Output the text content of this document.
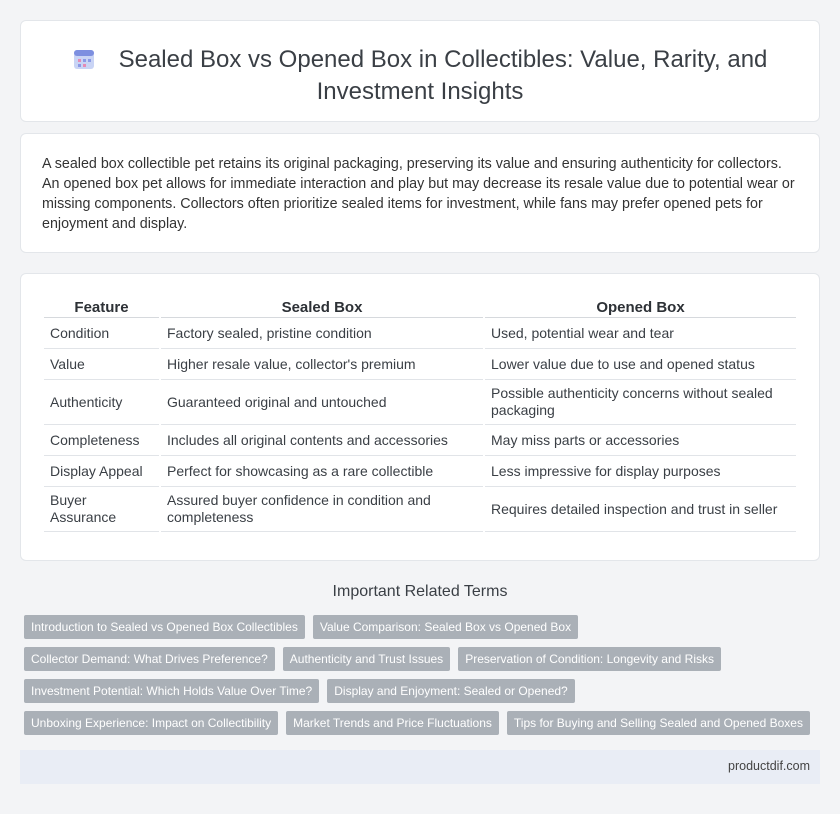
Sealed Box vs Opened Box in Collectibles: Value, Rarity, and
Investment Insights

A sealed box collectible pet retains its original packaging, preserving its value and ensuring authenticity for collectors. An opened box pet allows for immediate interaction and play but may decrease its resale value due to potential wear or missing components. Collectors often prioritize sealed items for investment, while fans may prefer opened pets for enjoyment and display.

Feature	Sealed Box	Opened Box
Condition	Factory sealed, pristine condition	Used, potential wear and tear
Value	Higher resale value, collector's premium	Lower value due to use and opened status
Authenticity	Guaranteed original and untouched	Possible authenticity concerns without sealed packaging
Completeness	Includes all original contents and accessories	May miss parts or accessories
Display Appeal	Perfect for showcasing as a rare collectible	Less impressive for display purposes
Buyer Assurance	Assured buyer confidence in condition and completeness	Requires detailed inspection and trust in seller
Important Related Terms
Introduction to Sealed vs Opened Box Collectibles	Value Comparison: Sealed Box vs Opened Box
Collector Demand: What Drives Preference?	Authenticity and Trust Issues	Preservation of Condition: Longevity and Risks
Investment Potential: Which Holds Value Over Time?	Display and Enjoyment: Sealed or Opened?
Unboxing Experience: Impact on Collectibility	Market Trends and Price Fluctuations	Tips for Buying and Selling Sealed and Opened Boxes
productdif.com
